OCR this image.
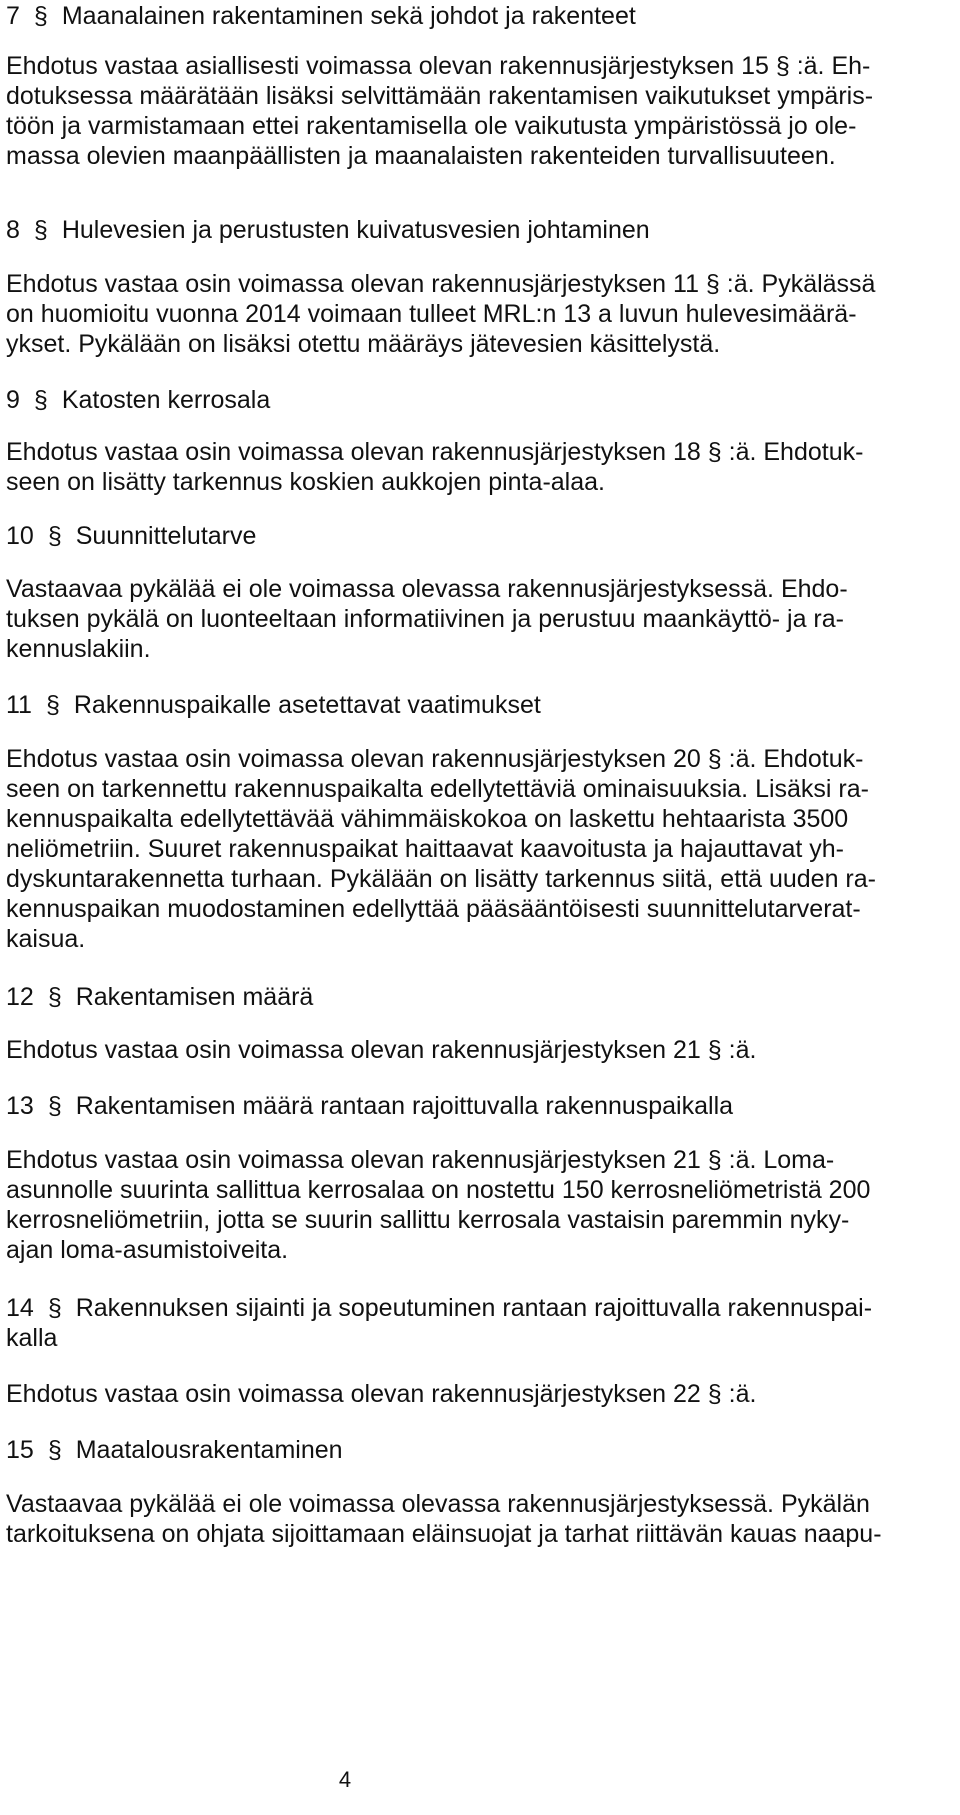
7 § Maanalainen rakentaminen sekä johdot ja rakenteet
Ehdotus vastaa asiallisesti voimassa olevan rakennusjärjestyksen 15 § :ä. Eh-
dotuksessa määrätään lisäksi selvittämään rakentamisen vaikutukset ympäris-
töön ja varmistamaan ettei rakentamisella ole vaikutusta ympäristössä jo ole-
massa olevien maanpäällisten ja maanalaisten rakenteiden turvallisuuteen.
8 § Hulevesien ja perustusten kuivatusvesien johtaminen
Ehdotus vastaa osin voimassa olevan rakennusjärjestyksen 11 § :ä. Pykälässä
on huomioitu vuonna 2014 voimaan tulleet MRL:n 13 a luvun hulevesimäärä-
ykset. Pykälään on lisäksi otettu määräys jätevesien käsittelystä.
9 § Katosten kerrosala
Ehdotus vastaa osin voimassa olevan rakennusjärjestyksen 18 § :ä. Ehdotuk-
seen on lisätty tarkennus koskien aukkojen pinta-alaa.
10 § Suunnittelutarve
Vastaavaa pykälää ei ole voimassa olevassa rakennusjärjestyksessä. Ehdo-
tuksen pykälä on luonteeltaan informatiivinen ja perustuu maankäyttö- ja ra-
kennuslakiin.
11 § Rakennuspaikalle asetettavat vaatimukset
Ehdotus vastaa osin voimassa olevan rakennusjärjestyksen 20 § :ä. Ehdotuk-
seen on tarkennettu rakennuspaikalta edellytettäviä ominaisuuksia. Lisäksi ra-
kennuspaikalta edellytettävää vähimmäiskokoa on laskettu hehtaarista 3500
neliömetriin. Suuret rakennuspaikat haittaavat kaavoitusta ja hajauttavat yh-
dyskuntarakennetta turhaan. Pykälään on lisätty tarkennus siitä, että uuden ra-
kennuspaikan muodostaminen edellyttää pääsääntöisesti suunnittelutarverat-
kaisua.
12 § Rakentamisen määrä
Ehdotus vastaa osin voimassa olevan rakennusjärjestyksen 21 § :ä.
13 § Rakentamisen määrä rantaan rajoittuvalla rakennuspaikalla
Ehdotus vastaa osin voimassa olevan rakennusjärjestyksen 21 § :ä. Loma-
asunnolle suurinta sallittua kerrosalaa on nostettu 150 kerrosneliömetristä 200
kerrosneliömetriin, jotta se suurin sallittu kerrosala vastaisin paremmin nyky-
ajan loma-asumistoiveita.
14 § Rakennuksen sijainti ja sopeutuminen rantaan rajoittuvalla rakennuspai-
kalla
Ehdotus vastaa osin voimassa olevan rakennusjärjestyksen 22 § :ä.
15 § Maatalousrakentaminen
Vastaavaa pykälää ei ole voimassa olevassa rakennusjärjestyksessä. Pykälän
tarkoituksena on ohjata sijoittamaan eläinsuojat ja tarhat riittävän kauas naapu-
4
